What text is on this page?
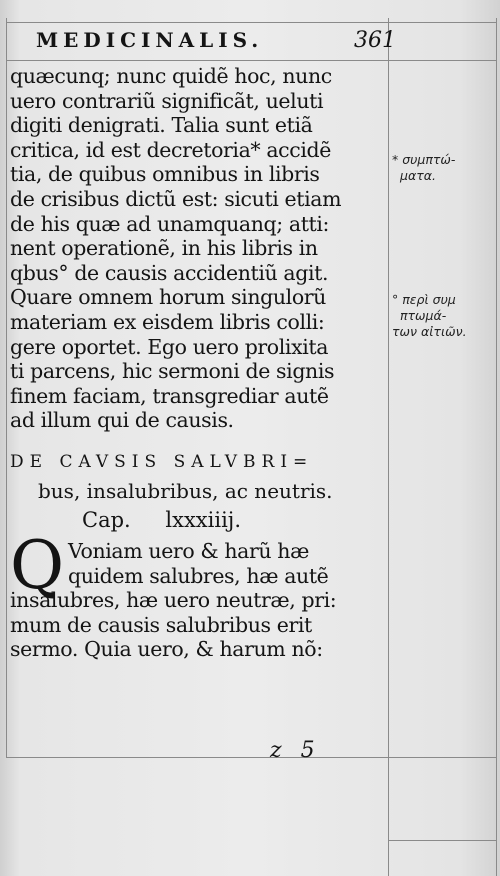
MEDICINALIS.	361
quæcunq; nunc quidẽ hoc, nunc
uero contrariũ significãt, ueluti
digiti denigrati. Talia sunt etiã
critica, id est decretoria* accidẽ
tia, de quibus omnibus in libris
de crisibus dictũ est: sicuti etiam
de his quæ ad unamquanq; atti:
nent operationẽ, in his libris in
qbus° de causis accidentiũ agit.
Quare omnem horum singulorũ
materiam ex eisdem libris colli:
gere oportet. Ego uero prolixita
ti parcens, hic sermoni de signis
finem faciam, transgrediar autẽ
ad illum qui de causis.
DE CAVSIS SALVBRI=
bus, insalubribus, ac neutris.
Cap. lxxxiiij.
Q Voniam uero & harũ hæ
quidem salubres, hæ autẽ
insalubres, hæ uero neutræ, pri:
mum de causis salubribus erit
sermo. Quia uero, & harum nõ:
z 5
* συμπτώ-
ματα.
° περὶ συμ
πτωμά-
των αἰτιῶν.
